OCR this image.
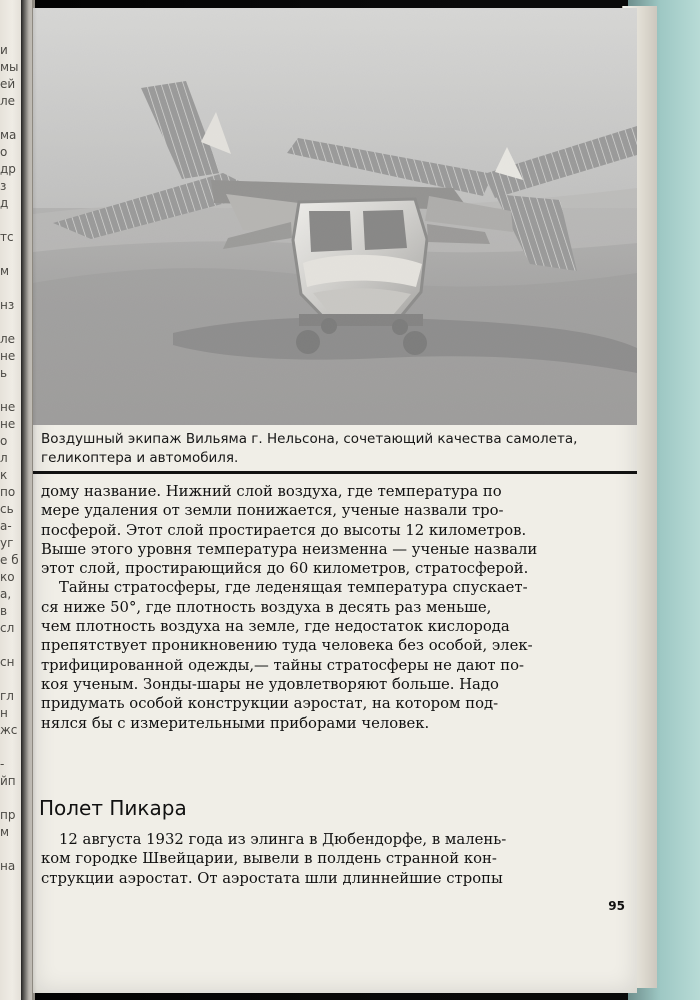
и
мы
ей
ле

ма
о
др
з
д

тс

м

нз

ле
не
ь

не
не
о
л
к
по
сь
а-
уг
е б
ко
а,
в
сл

сн

гл
н
жс

-
йп

пр
м

на
Воздушный экипаж Вильяма г. Нельсона, сочетающий качества самолета,
геликоптера и автомобиля.
дому название. Нижний слой воздуха, где температура по
мере удаления от земли понижается, ученые назвали тро-
посферой. Этот слой простирается до высоты 12 километров.
Выше этого уровня температура неизменна — ученые назвали
этот слой, простирающийся до 60 километров, стратосферой.
Тайны стратосферы, где леденящая температура спускает-
ся ниже 50°, где плотность воздуха в десять раз меньше,
чем плотность воздуха на земле, где недостаток кислорода
препятствует проникновению туда человека без особой, элек-
трифицированной одежды,— тайны стратосферы не дают по-
коя ученым. Зонды-шары не удовлетворяют больше. Надо
придумать особой конструкции аэростат, на котором под-
нялся бы с измерительными приборами человек.
Полет Пикара
12 августа 1932 года из элинга в Дюбендорфе, в малень-
ком городке Швейцарии, вывели в полдень странной кон-
струкции аэростат. От аэростата шли длиннейшие стропы
95
